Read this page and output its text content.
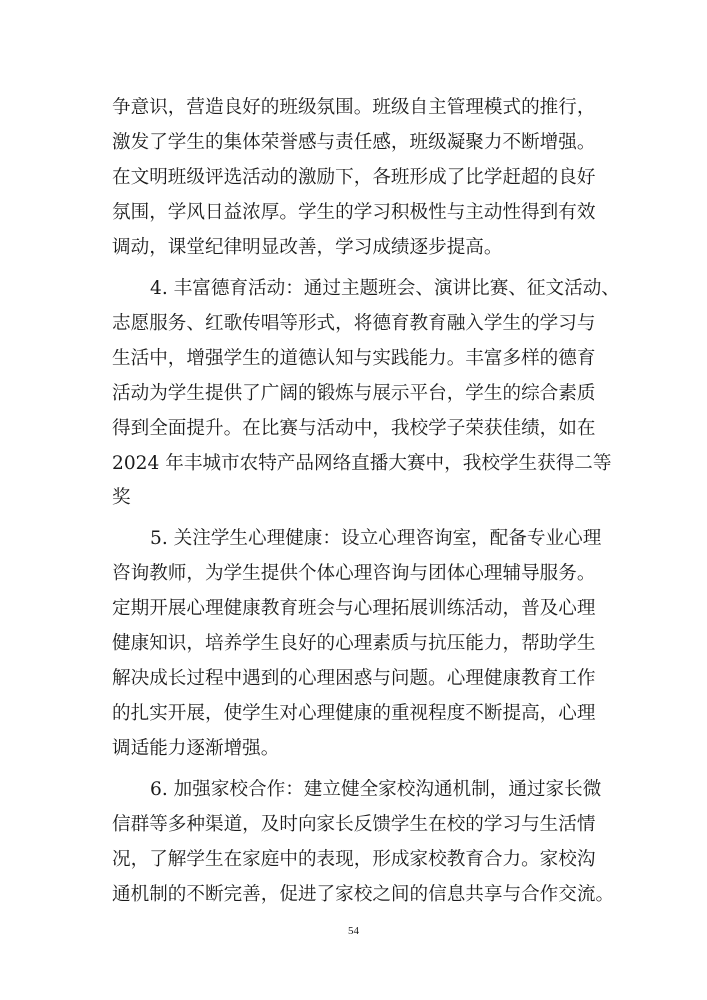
争意识，营造良好的班级氛围。班级自主管理模式的推行，
激发了学生的集体荣誉感与责任感，班级凝聚力不断增强。
在文明班级评选活动的激励下，各班形成了比学赶超的良好
氛围，学风日益浓厚。学生的学习积极性与主动性得到有效
调动，课堂纪律明显改善，学习成绩逐步提高。
4. 丰富德育活动：通过主题班会、演讲比赛、征文活动、
志愿服务、红歌传唱等形式，将德育教育融入学生的学习与
生活中，增强学生的道德认知与实践能力。丰富多样的德育
活动为学生提供了广阔的锻炼与展示平台，学生的综合素质
得到全面提升。在比赛与活动中，我校学子荣获佳绩，如在
2024 年丰城市农特产品网络直播大赛中，我校学生获得二等
奖
5. 关注学生心理健康：设立心理咨询室，配备专业心理
咨询教师，为学生提供个体心理咨询与团体心理辅导服务。
定期开展心理健康教育班会与心理拓展训练活动，普及心理
健康知识，培养学生良好的心理素质与抗压能力，帮助学生
解决成长过程中遇到的心理困惑与问题。心理健康教育工作
的扎实开展，使学生对心理健康的重视程度不断提高，心理
调适能力逐渐增强。
6. 加强家校合作：建立健全家校沟通机制，通过家长微
信群等多种渠道，及时向家长反馈学生在校的学习与生活情
况，了解学生在家庭中的表现，形成家校教育合力。家校沟
通机制的不断完善，促进了家校之间的信息共享与合作交流。
54
